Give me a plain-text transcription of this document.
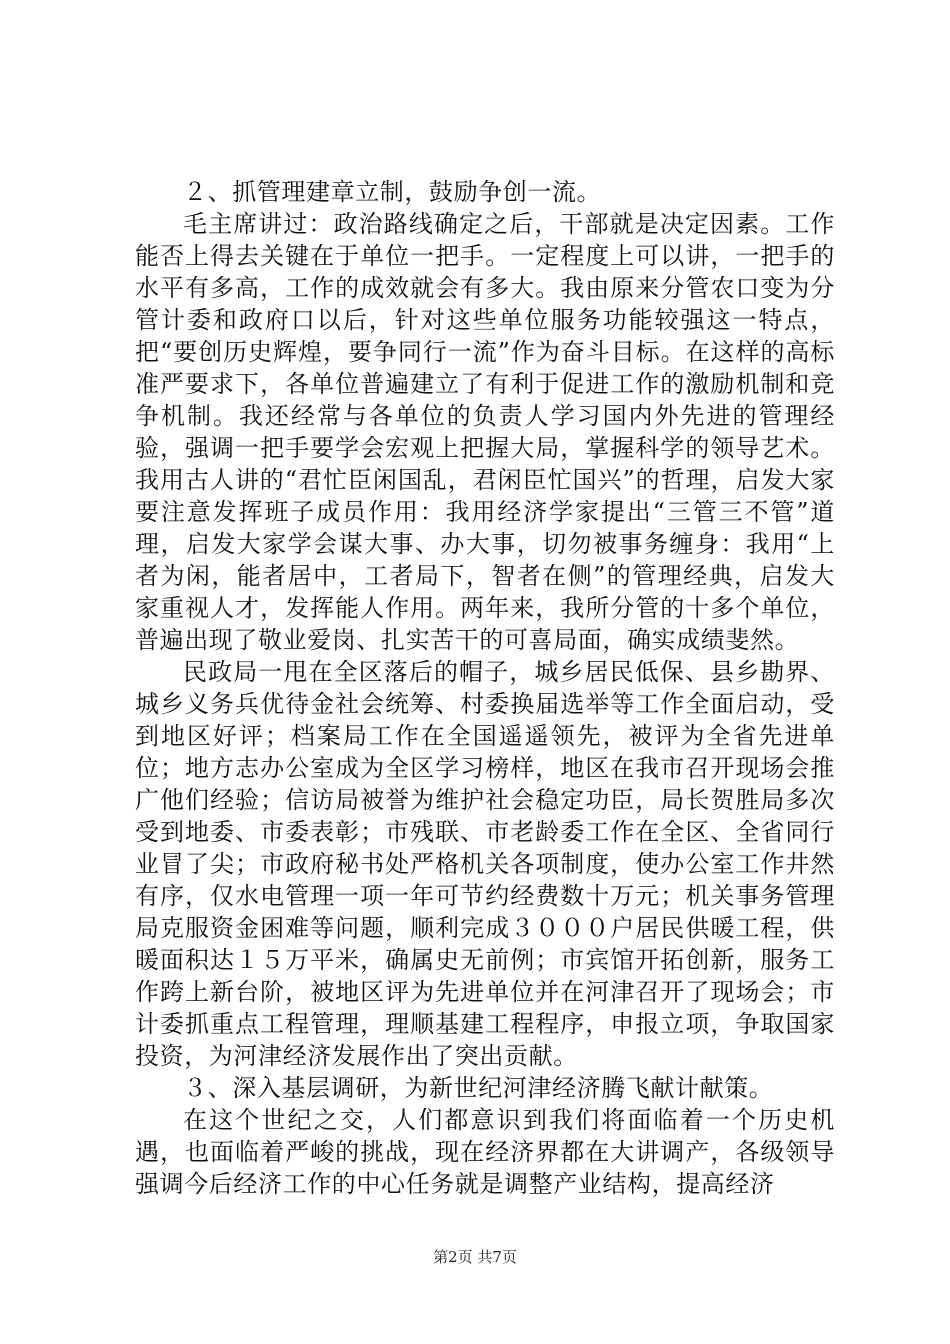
２、抓管理建章立制，鼓励争创一流。

毛主席讲过：政治路线确定之后，干部就是决定因素。工作能否上得去关键在于单位一把手。一定程度上可以讲，一把手的水平有多高，工作的成效就会有多大。我由原来分管农口变为分管计委和政府口以后，针对这些单位服务功能较强这一特点，把“要创历史辉煌，要争同行一流”作为奋斗目标。在这样的高标准严要求下，各单位普遍建立了有利于促进工作的激励机制和竞争机制。我还经常与各单位的负责人学习国内外先进的管理经验，强调一把手要学会宏观上把握大局，掌握科学的领导艺术。我用古人讲的“君忙臣闲国乱，君闲臣忙国兴”的哲理，启发大家要注意发挥班子成员作用：我用经济学家提出“三管三不管”道理，启发大家学会谋大事、办大事，切勿被事务缠身：我用“上者为闲，能者居中，工者局下，智者在侧”的管理经典，启发大家重视人才，发挥能人作用。两年来，我所分管的十多个单位，普遍出现了敬业爱岗、扎实苦干的可喜局面，确实成绩斐然。

民政局一甩在全区落后的帽子，城乡居民低保、县乡勘界、城乡义务兵优待金社会统筹、村委换届选举等工作全面启动，受到地区好评；档案局工作在全国遥遥领先，被评为全省先进单位；地方志办公室成为全区学习榜样，地区在我市召开现场会推广他们经验；信访局被誉为维护社会稳定功臣，局长贺胜局多次受到地委、市委表彰；市残联、市老龄委工作在全区、全省同行业冒了尖；市政府秘书处严格机关各项制度，使办公室工作井然有序，仅水电管理一项一年可节约经费数十万元；机关事务管理局克服资金困难等问题，顺利完成３０００户居民供暖工程，供暖面积达１５万平米，确属史无前例；市宾馆开拓创新，服务工作跨上新台阶，被地区评为先进单位并在河津召开了现场会；市计委抓重点工程管理，理顺基建工程程序，申报立项，争取国家投资，为河津经济发展作出了突出贡献。

３、深入基层调研，为新世纪河津经济腾飞献计献策。

在这个世纪之交，人们都意识到我们将面临着一个历史机遇，也面临着严峻的挑战，现在经济界都在大讲调产，各级领导强调今后经济工作的中心任务就是调整产业结构，提高经济

第2页 共7页
